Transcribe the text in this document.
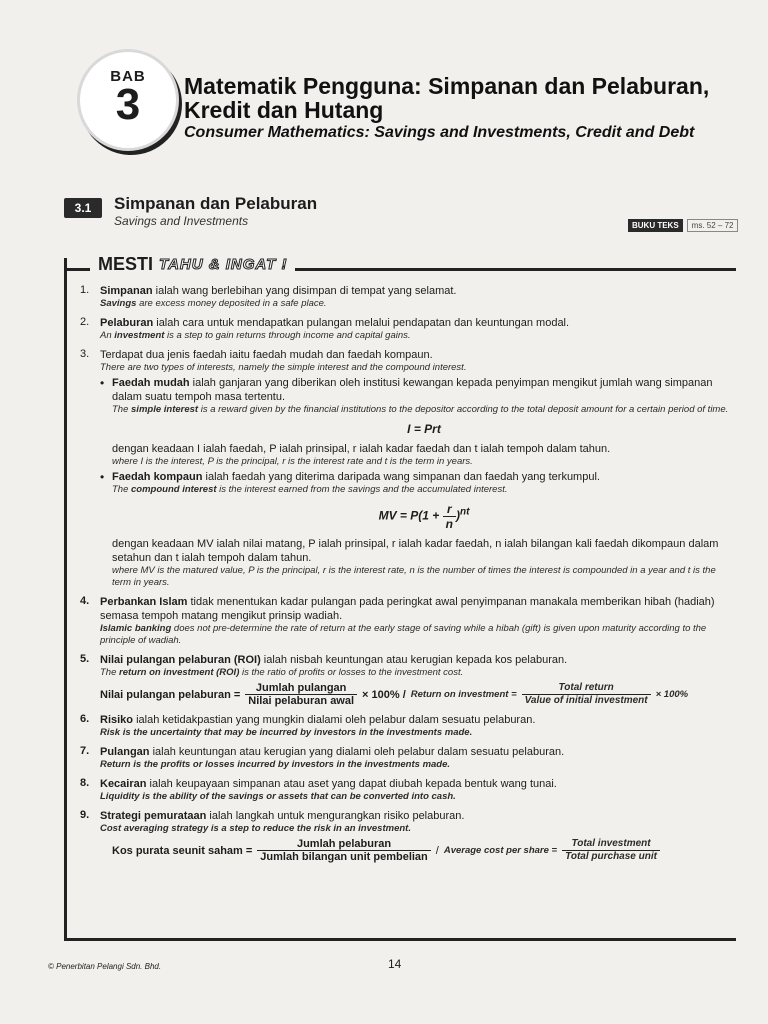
BAB
3	Matematik Pengguna: Simpanan dan Pelaburan,
Kredit dan Hutang
Consumer Mathematics: Savings and Investments, Credit and Debt
3.1	Simpanan dan Pelaburan
Savings and Investments	BUKU TEKS	ms. 52 – 72
MESTI TAHU & INGAT !
1. Simpanan ialah wang berlebihan yang disimpan di tempat yang selamat.
Savings are excess money deposited in a safe place.
2. Pelaburan ialah cara untuk mendapatkan pulangan melalui pendapatan dan keuntungan modal.
An investment is a step to gain returns through income and capital gains.
3. Terdapat dua jenis faedah iaitu faedah mudah dan faedah kompaun.
There are two types of interests, namely the simple interest and the compound interest.
• Faedah mudah ialah ganjaran yang diberikan oleh institusi kewangan kepada penyimpan mengikut jumlah wang simpanan dalam suatu tempoh masa tertentu.
The simple interest is a reward given by the financial institutions to the depositor according to the total deposit amount for a certain period of time.
I = Prt
dengan keadaan I ialah faedah, P ialah prinsipal, r ialah kadar faedah dan t ialah tempoh dalam tahun.
where I is the interest, P is the principal, r is the interest rate and t is the term in years.
• Faedah kompaun ialah faedah yang diterima daripada wang simpanan dan faedah yang terkumpul.
The compound interest is the interest earned from the savings and the accumulated interest.
MV = $P(1 + \frac{r}{n} )^{nt}$
dengan keadaan MV ialah nilai matang, P ialah prinsipal, r ialah kadar faedah, n ialah bilangan kali faedah dikompaun dalam setahun dan t ialah tempoh dalam tahun.
where MV is the matured value, P is the principal, r is the interest rate, n is the number of times the interest is compounded in a year and t is the term in years.
4. Perbankan Islam tidak menentukan kadar pulangan pada peringkat awal penyimpanan manakala memberikan hibah (hadiah) semasa tempoh matang mengikut prinsip wadiah.
Islamic banking does not pre-determine the rate of return at the early stage of saving while a hibah (gift) is given upon maturity according to the principle of wadiah.
5. Nilai pulangan pelaburan (ROI) ialah nisbah keuntungan atau kerugian kepada kos pelaburan.
The return on investment (ROI) is the ratio of profits or losses to the investment cost.
Nilai pulangan pelaburan = $\frac{\text{Jumlah pulangan}}{\text{Nilai pelaburan awal}} \times 100\%$ / Return on investment = $\frac{\text{Total return}}{\text{Value of initial investment}} \times 100\%$
6. Risiko ialah ketidakpastian yang mungkin dialami oleh pelabur dalam sesuatu pelaburan.
Risk is the uncertainty that may be incurred by investors in the investments made.
7. Pulangan ialah keuntungan atau kerugian yang dialami oleh pelabur dalam sesuatu pelaburan.
Return is the profits or losses incurred by investors in the investments made.
8. Kecairan ialah keupayaan simpanan atau aset yang dapat diubah kepada bentuk wang tunai.
Liquidity is the ability of the savings or assets that can be converted into cash.
9. Strategi pemurataan ialah langkah untuk mengurangkan risiko pelaburan.
Cost averaging strategy is a step to reduce the risk in an investment.
Kos purata seunit saham = $\frac{\text{Jumlah pelaburan}}{\text{Jumlah bilangan unit pembelian}}$ / Average cost per share = $\frac{\text{Total investment}}{\text{Total purchase unit}}$
© Penerbitan Pelangi Sdn. Bhd.	14
